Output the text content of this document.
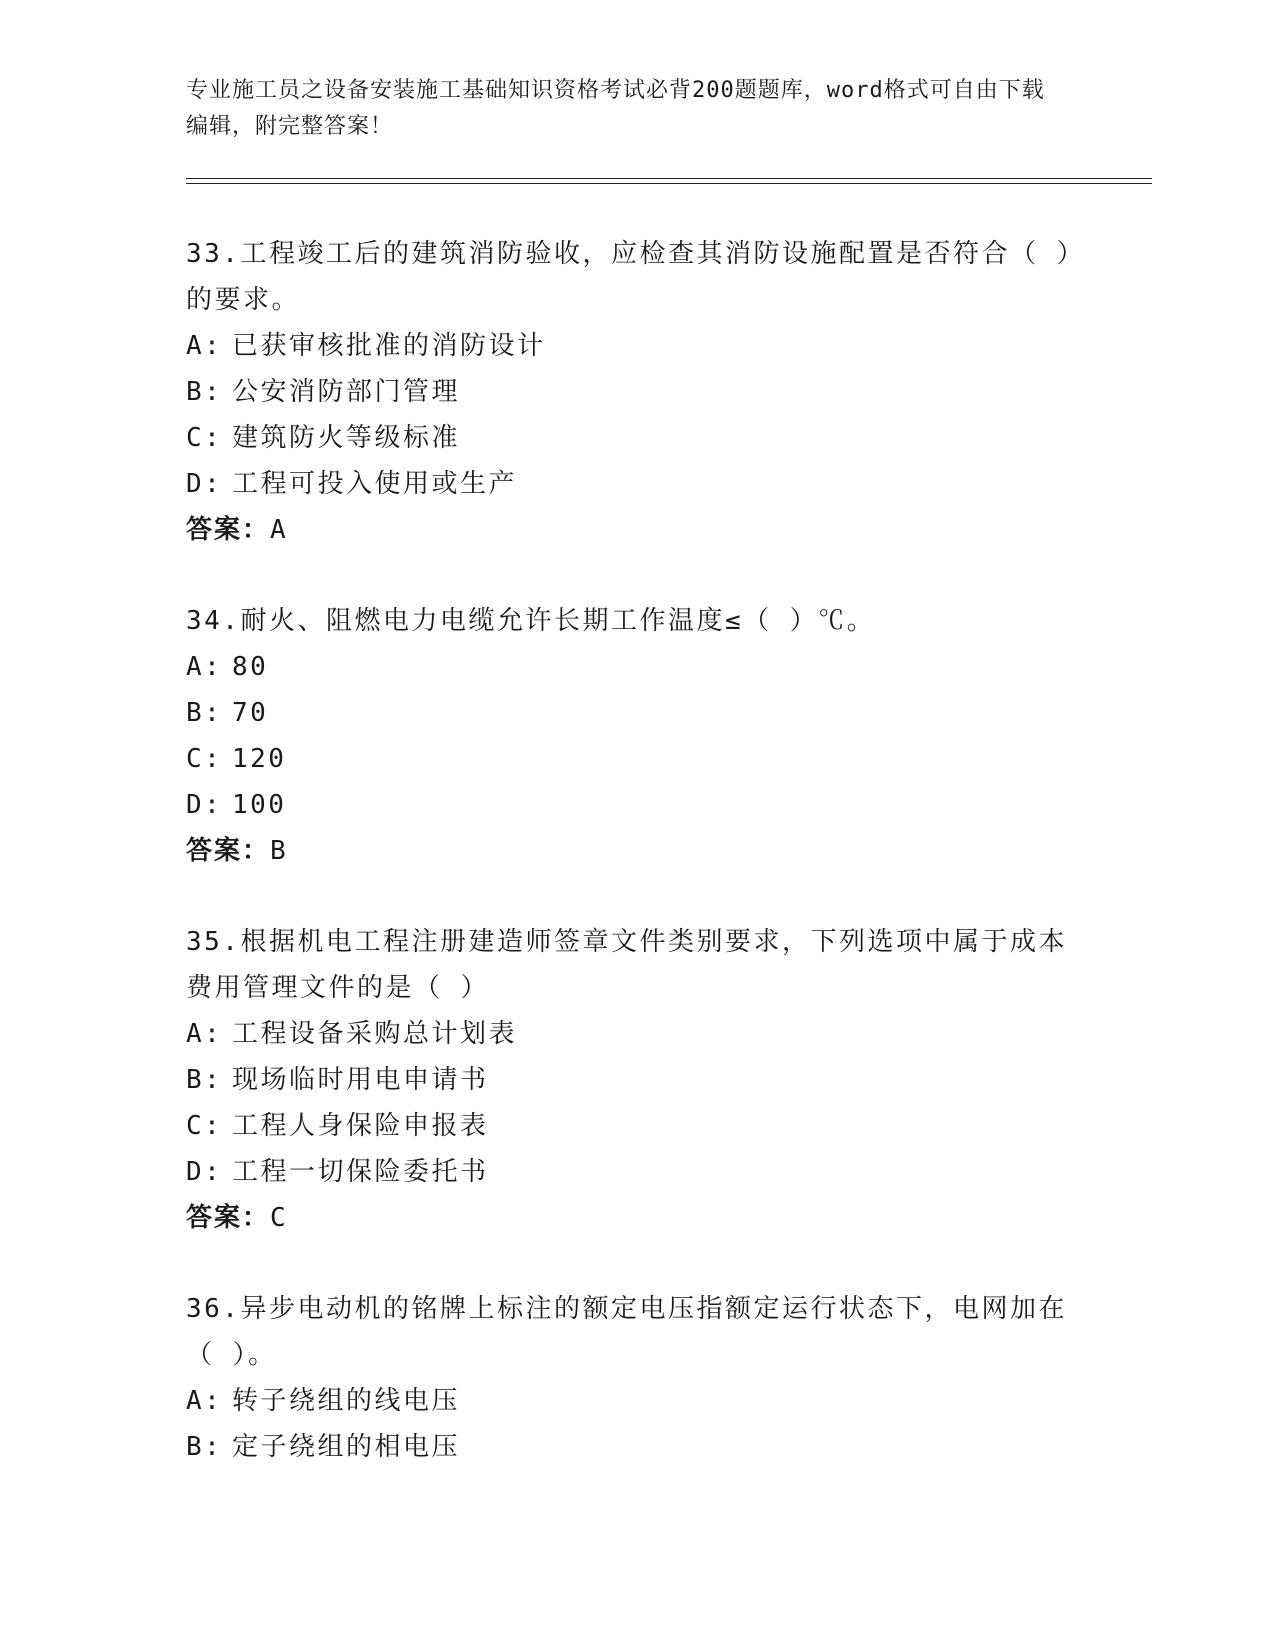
专业施工员之设备安装施工基础知识资格考试必背200题题库，word格式可自由下载编辑，附完整答案！

33.工程竣工后的建筑消防验收，应检查其消防设施配置是否符合（ ）的要求。

A: 已获审核批准的消防设计
B: 公安消防部门管理
C: 建筑防火等级标准
D: 工程可投入使用或生产
答案：A

34.耐火、阻燃电力电缆允许长期工作温度≤（ ）℃。

A: 80
B: 70
C: 120
D: 100
答案：B

35.根据机电工程注册建造师签章文件类别要求，下列选项中属于成本费用管理文件的是（ ）

A: 工程设备采购总计划表
B: 现场临时用电申请书
C: 工程人身保险申报表
D: 工程一切保险委托书
答案：C

36.异步电动机的铭牌上标注的额定电压指额定运行状态下，电网加在（ ）。

A: 转子绕组的线电压
B: 定子绕组的相电压
